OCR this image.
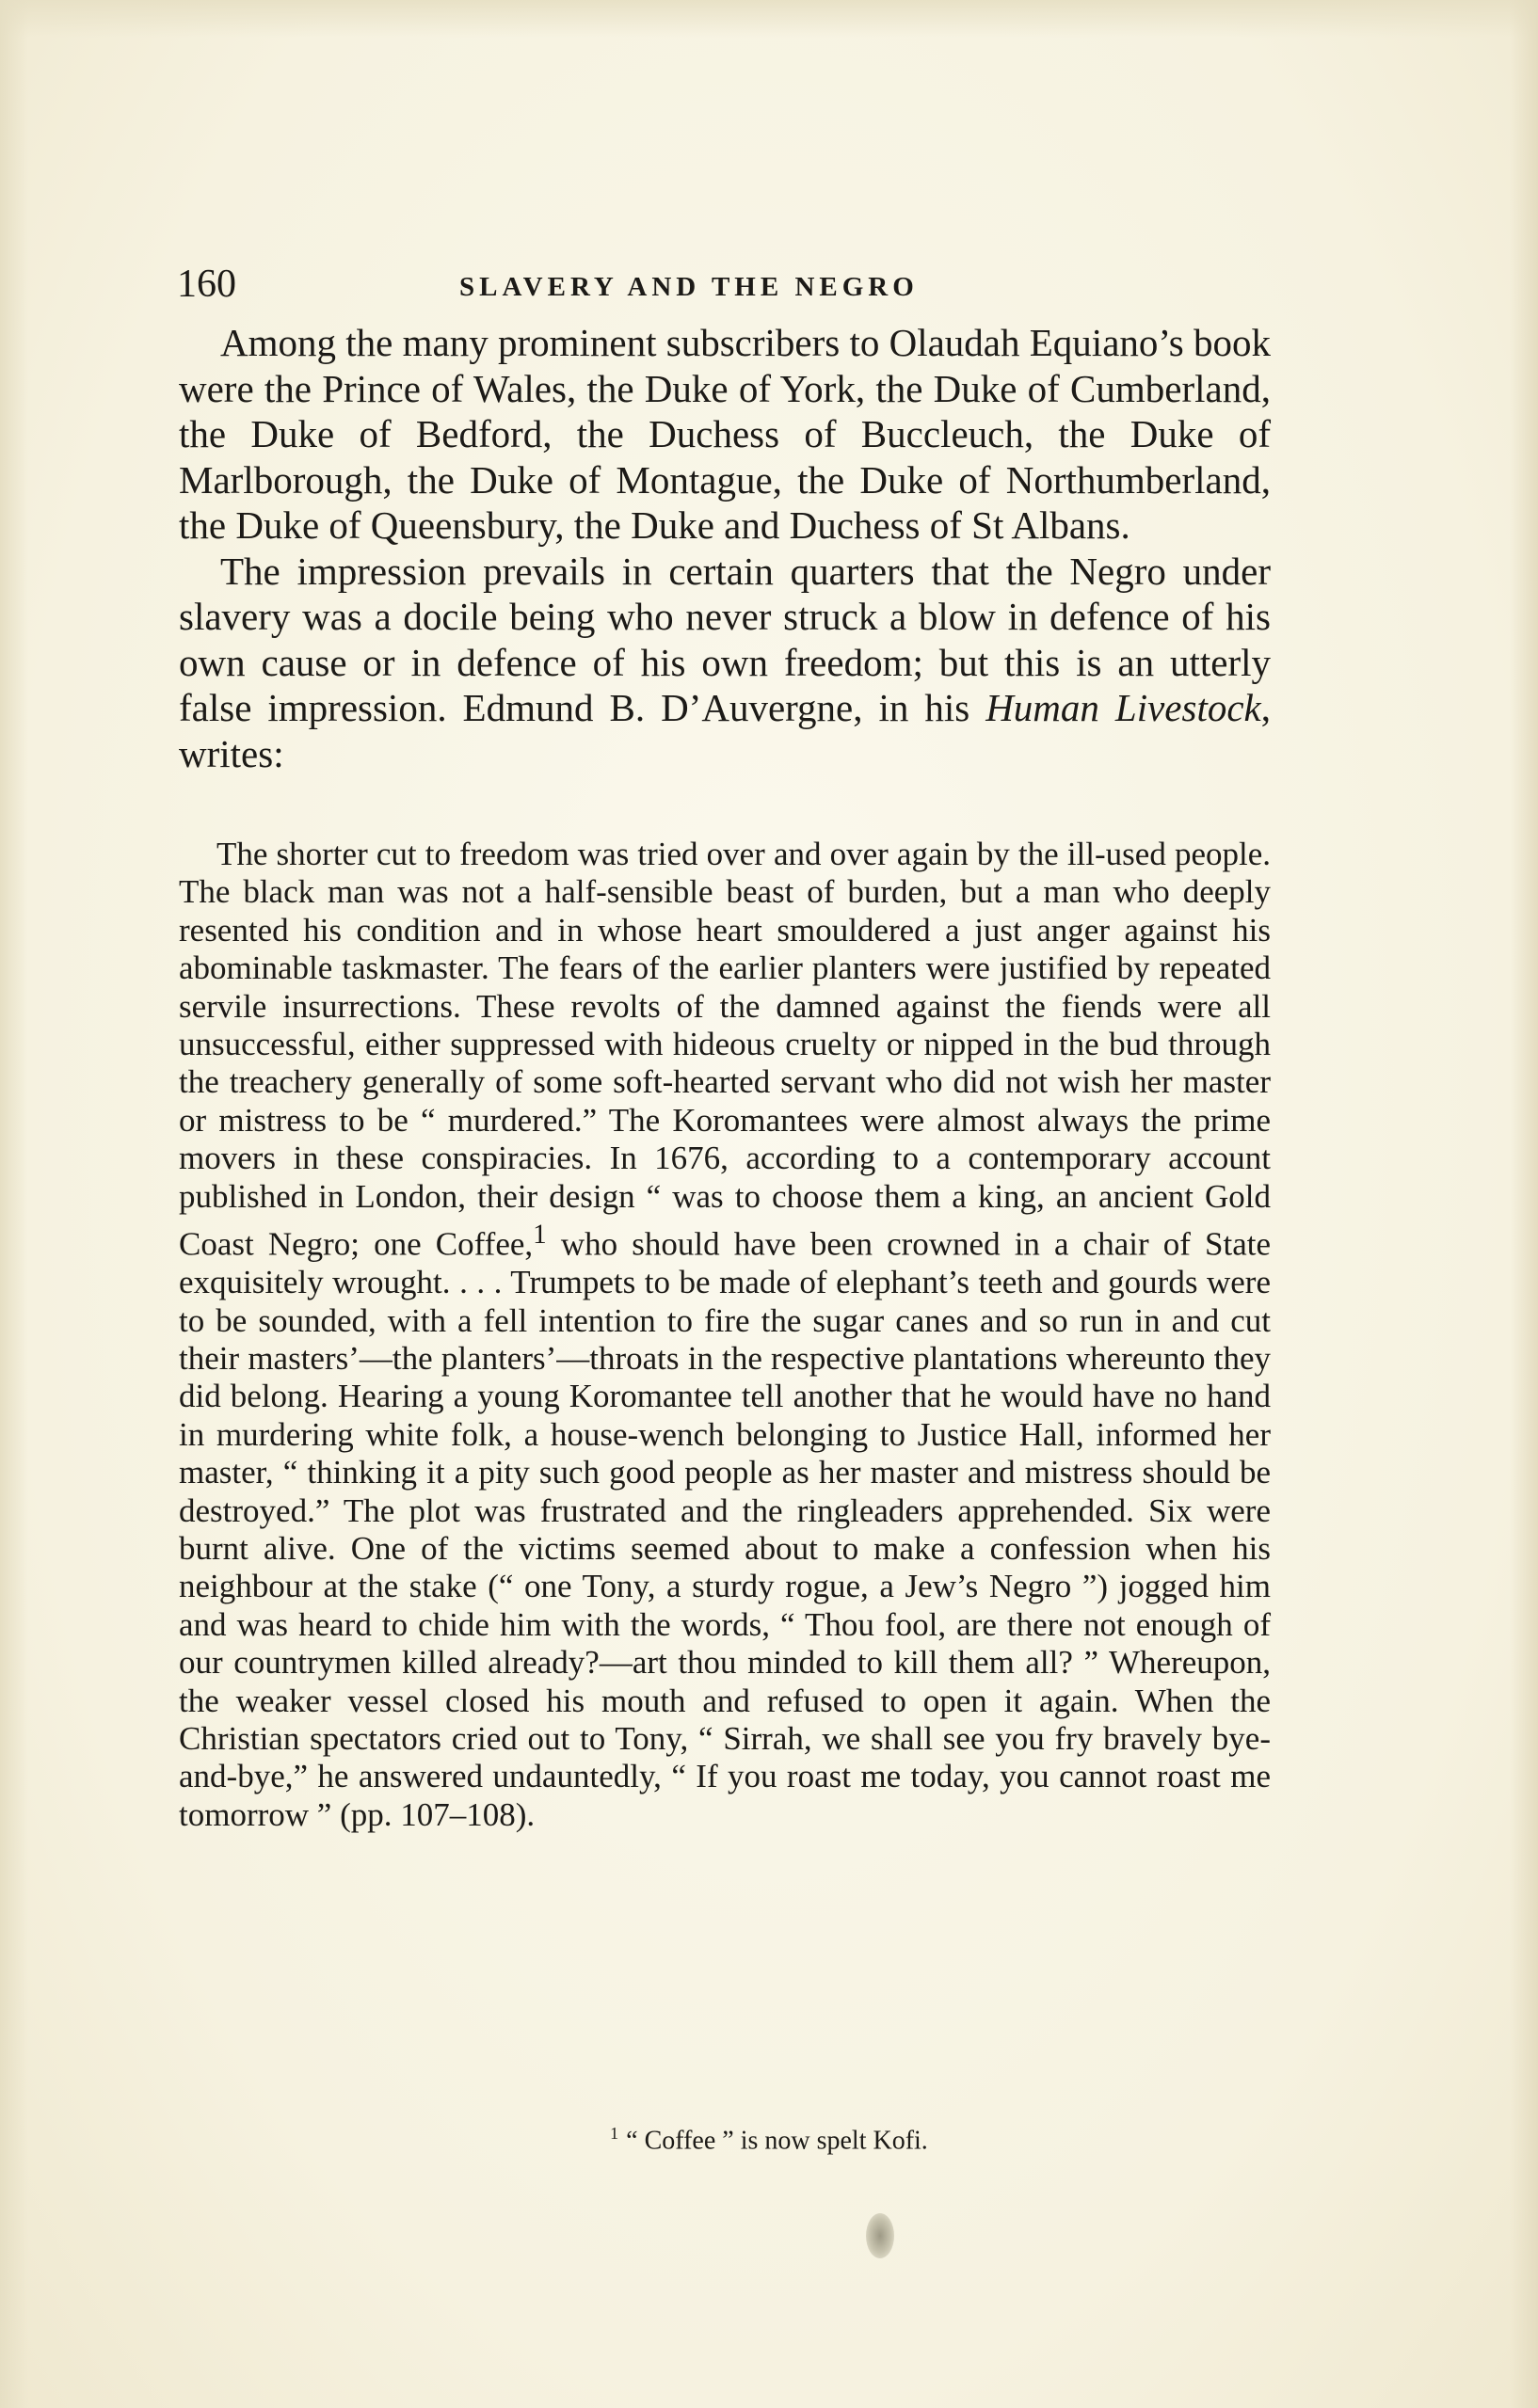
160	SLAVERY AND THE NEGRO

Among the many prominent subscribers to Olaudah Equiano’s book were the Prince of Wales, the Duke of York, the Duke of Cumberland, the Duke of Bedford, the Duchess of Buccleuch, the Duke of Marlborough, the Duke of Montague, the Duke of Northumberland, the Duke of Queensbury, the Duke and Duchess of St Albans.

The impression prevails in certain quarters that the Negro under slavery was a docile being who never struck a blow in defence of his own cause or in defence of his own freedom; but this is an utterly false impression. Edmund B. D’Auvergne, in his Human Livestock, writes:

The shorter cut to freedom was tried over and over again by the ill-used people. The black man was not a half-sensible beast of burden, but a man who deeply resented his condition and in whose heart smouldered a just anger against his abominable taskmaster. The fears of the earlier planters were justified by repeated servile insurrections. These revolts of the damned against the fiends were all unsuccessful, either suppressed with hideous cruelty or nipped in the bud through the treachery generally of some soft-hearted servant who did not wish her master or mistress to be “ murdered.” The Koromantees were almost always the prime movers in these conspiracies. In 1676, according to a contemporary account published in London, their design “ was to choose them a king, an ancient Gold Coast Negro; one Coffee,$^1$ who should have been crowned in a chair of State exquisitely wrought. . . . Trumpets to be made of elephant’s teeth and gourds were to be sounded, with a fell intention to fire the sugar canes and so run in and cut their masters’—the planters’—throats in the respective plantations whereunto they did belong. Hearing a young Koromantee tell another that he would have no hand in murdering white folk, a house-wench belonging to Justice Hall, informed her master, “ thinking it a pity such good people as her master and mistress should be destroyed.” The plot was frustrated and the ringleaders apprehended. Six were burnt alive. One of the victims seemed about to make a confession when his neighbour at the stake (“ one Tony, a sturdy rogue, a Jew’s Negro ”) jogged him and was heard to chide him with the words, “ Thou fool, are there not enough of our countrymen killed already?—art thou minded to kill them all? ” Whereupon, the weaker vessel closed his mouth and refused to open it again. When the Christian spectators cried out to Tony, “ Sirrah, we shall see you fry bravely bye-and-bye,” he answered undauntedly, “ If you roast me today, you cannot roast me tomorrow ” (pp. 107–108).

$^1$ “ Coffee ” is now spelt Kofi.
